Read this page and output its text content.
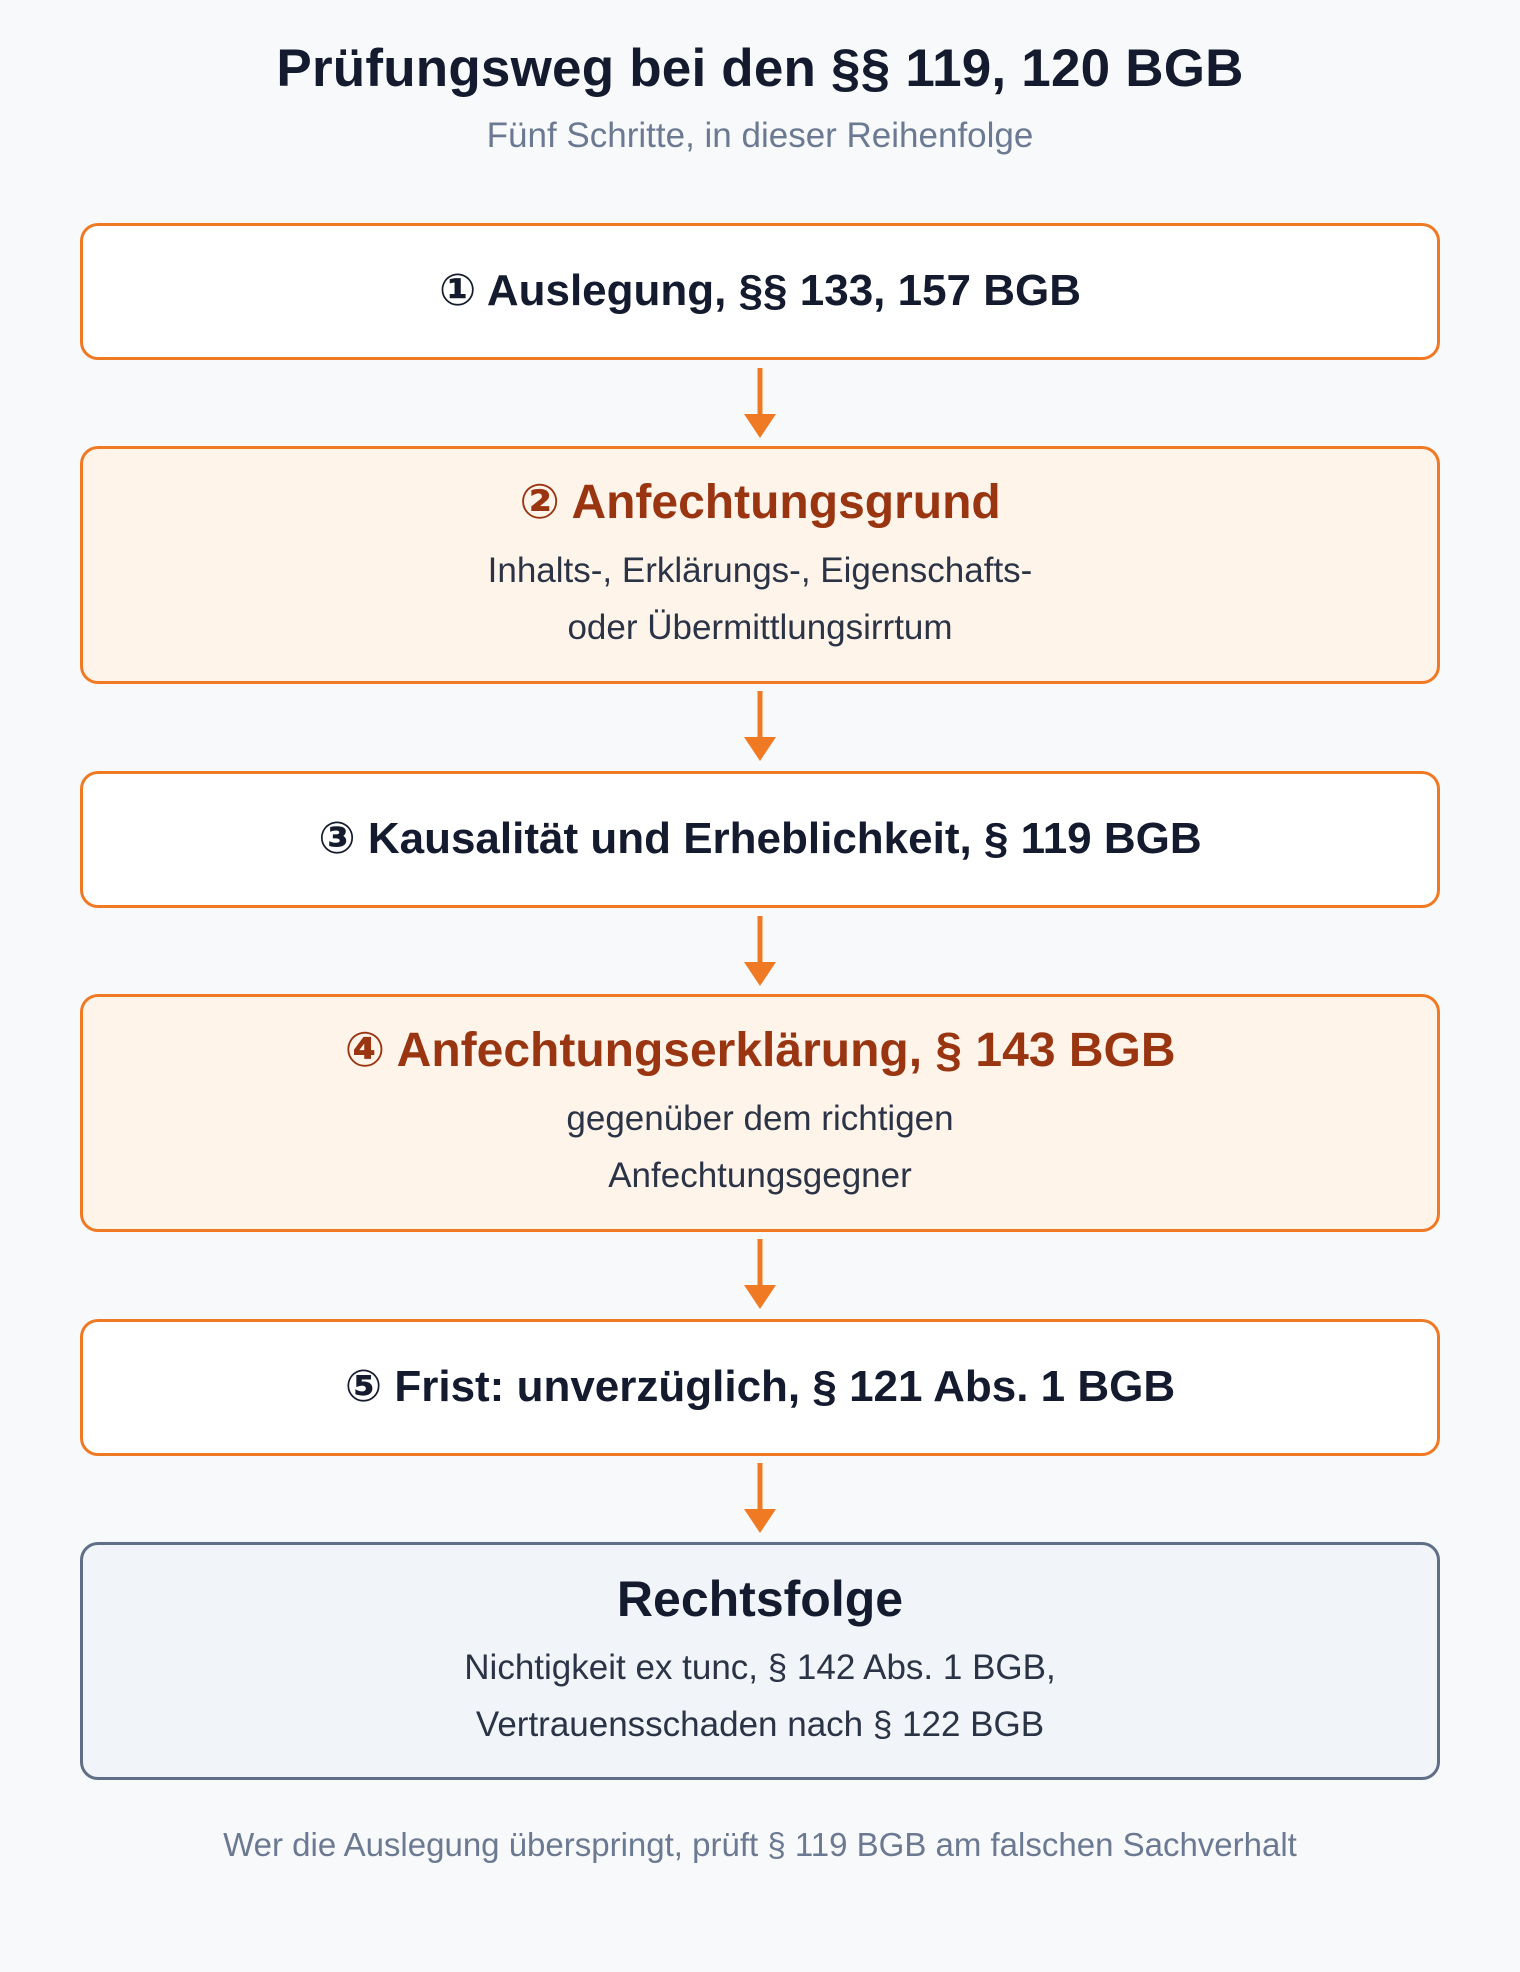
Prüfungsweg bei den §§ 119, 120 BGB
Fünf Schritte, in dieser Reihenfolge
① Auslegung, §§ 133, 157 BGB
② Anfechtungsgrund
Inhalts-, Erklärungs-, Eigenschafts-
oder Übermittlungsirrtum
③ Kausalität und Erheblichkeit, § 119 BGB
④ Anfechtungserklärung, § 143 BGB
gegenüber dem richtigen
Anfechtungsgegner
⑤ Frist: unverzüglich, § 121 Abs. 1 BGB
Rechtsfolge
Nichtigkeit ex tunc, § 142 Abs. 1 BGB,
Vertrauensschaden nach § 122 BGB
Wer die Auslegung überspringt, prüft § 119 BGB am falschen Sachverhalt
